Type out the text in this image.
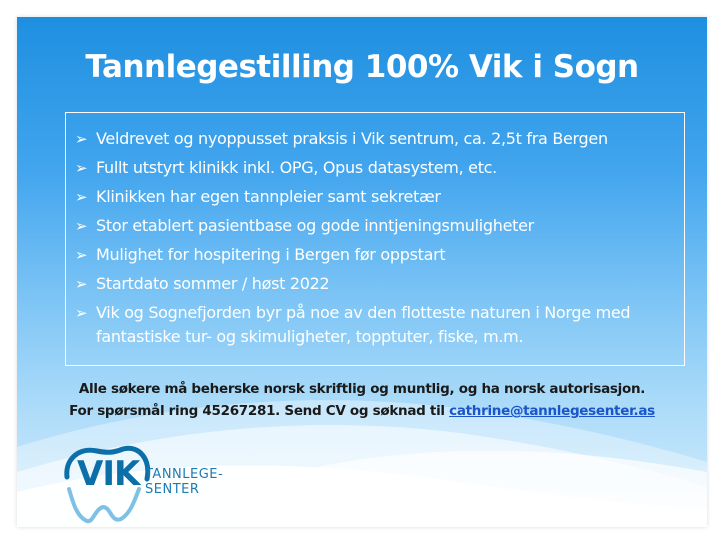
Tannlegestilling 100% Vik i Sogn
➢ Veldrevet og nyoppusset praksis i Vik sentrum, ca. 2,5t fra Bergen
➢ Fullt utstyrt klinikk inkl. OPG, Opus datasystem, etc.
➢ Klinikken har egen tannpleier samt sekretær
➢ Stor etablert pasientbase og gode inntjeningsmuligheter
➢ Mulighet for hospitering i Bergen før oppstart
➢ Startdato sommer / høst 2022
➢ Vik og Sognefjorden byr på noe av den flotteste naturen i Norge med fantastiske tur- og skimuligheter, topptuter, fiske, m.m.
Alle søkere må beherske norsk skriftlig og muntlig, og ha norsk autorisasjon.
For spørsmål ring 45267281. Send CV og søknad til cathrine@tannlegesenter.as
VIK TANNLEGE-
SENTER
